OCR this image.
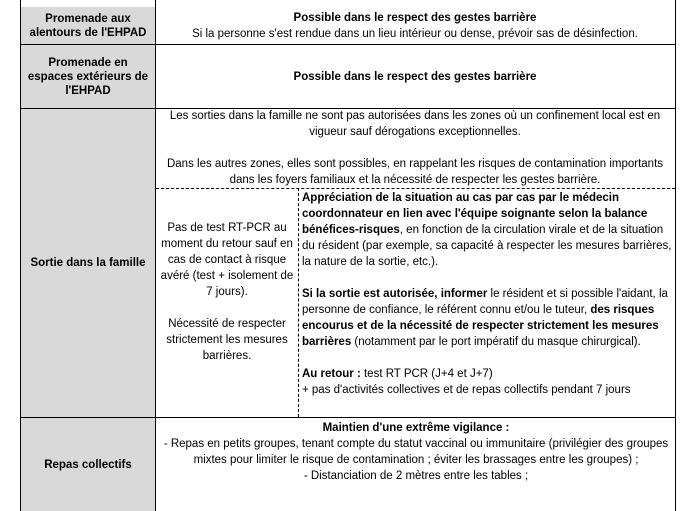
Promenade aux alentours de l'EHPAD
Promenade en espaces extérieurs de l'EHPAD
Sortie dans la famille
Repas collectifs

Possible dans le respect des gestes barrière

Si la personne s'est rendue dans un lieu intérieur ou dense, prévoir sas de désinfection.

Possible dans le respect des gestes barrière

Les sorties dans la famille ne sont pas autorisées dans les zones où un confinement local est en vigueur sauf dérogations exceptionnelles.

Dans les autres zones, elles sont possibles, en rappelant les risques de contamination importants dans les foyers familiaux et la nécessité de respecter les gestes barrière.

Pas de test RT-PCR au moment du retour sauf en cas de contact à risque avéré (test + isolement de 7 jours).

Nécessité de respecter strictement les mesures barrières.

Appréciation de la situation au cas par cas par le médecin coordonnateur en lien avec l'équipe soignante selon la balance bénéfices-risques, en fonction de la circulation virale et de la situation du résident (par exemple, sa capacité à respecter les mesures barrières, la nature de la sortie, etc.).

Si la sortie est autorisée, informer le résident et si possible l'aidant, la personne de confiance, le référent connu et/ou le tuteur, des risques encourus et de la nécessité de respecter strictement les mesures barrières (notamment par le port impératif du masque chirurgical).

Au retour : test RT PCR (J+4 et J+7)

+ pas d'activités collectives et de repas collectifs pendant 7 jours

Maintien d'une extrême vigilance :

- Repas en petits groupes, tenant compte du statut vaccinal ou immunitaire (privilégier des groupes mixtes pour limiter le risque de contamination ; éviter les brassages entre les groupes) ;

- Distanciation de 2 mètres entre les tables ;
